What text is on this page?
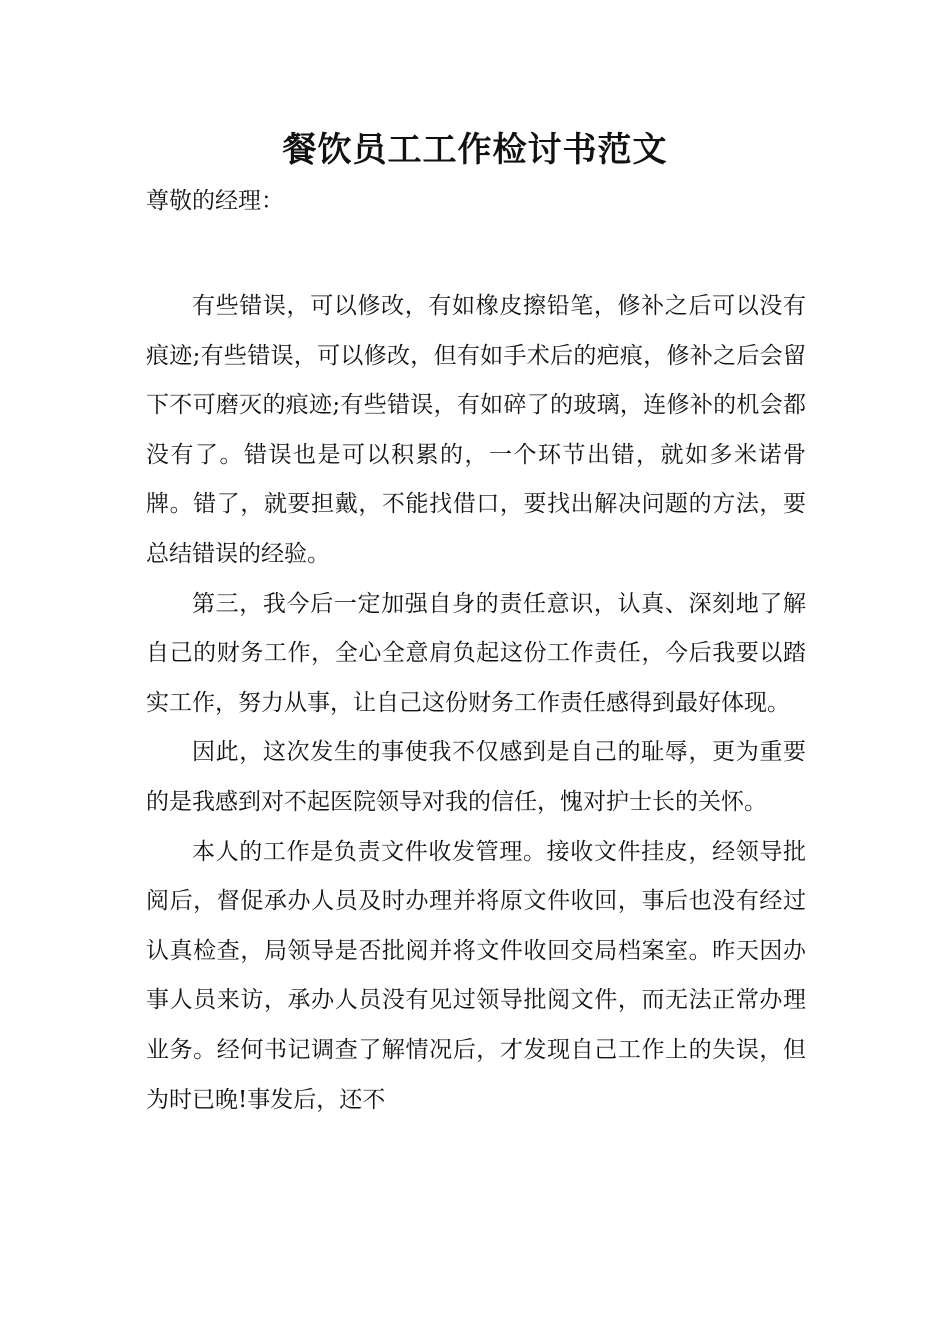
餐饮员工工作检讨书范文

尊敬的经理：

有些错误，可以修改，有如橡皮擦铅笔，修补之后可以没有痕迹;有些错误，可以修改，但有如手术后的疤痕，修补之后会留下不可磨灭的痕迹;有些错误，有如碎了的玻璃，连修补的机会都没有了。错误也是可以积累的，一个环节出错，就如多米诺骨牌。错了，就要担戴，不能找借口，要找出解决问题的方法，要总结错误的经验。

第三，我今后一定加强自身的责任意识，认真、深刻地了解自己的财务工作，全心全意肩负起这份工作责任，今后我要以踏实工作，努力从事，让自己这份财务工作责任感得到最好体现。

因此，这次发生的事使我不仅感到是自己的耻辱，更为重要的是我感到对不起医院领导对我的信任，愧对护士长的关怀。

本人的工作是负责文件收发管理。接收文件挂皮，经领导批阅后，督促承办人员及时办理并将原文件收回，事后也没有经过认真检查，局领导是否批阅并将文件收回交局档案室。昨天因办事人员来访，承办人员没有见过领导批阅文件，而无法正常办理业务。经何书记调查了解情况后，才发现自己工作上的失误，但为时已晚!事发后，还不
